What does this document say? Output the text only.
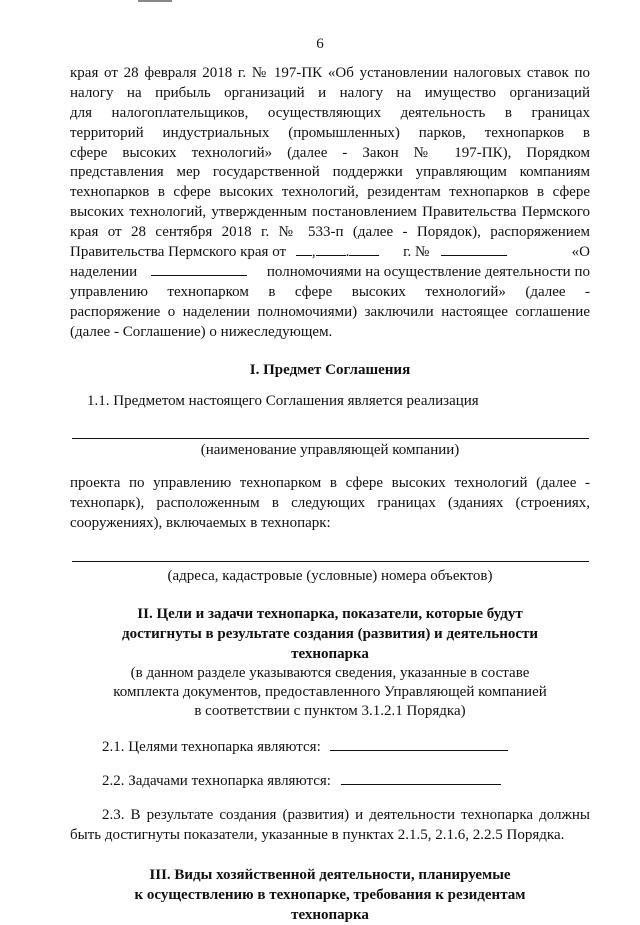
6
края от 28 февраля 2018 г. № 197-ПК «Об установлении налоговых ставок по
налогу на прибыль организаций и налогу на имущество организаций
для налогоплательщиков, осуществляющих деятельность в границах
территорий индустриальных (промышленных) парков, технопарков в
сфере высоких технологий» (далее - Закон № 197-ПК), Порядком
представления мер государственной поддержки управляющим компаниям
технопарков в сфере высоких технологий, резидентам технопарков в сфере
высоких технологий, утвержденным постановлением Правительства Пермского
края от 28 сентября 2018 г. № 533-п (далее - Порядок), распоряжением
Правительства Пермского края от , .	г. №	«О
наделении	полномочиями на осуществление деятельности по
управлению технопарком в сфере высоких технологий» (далее -
распоряжение о наделении полномочиями) заключили настоящее соглашение
(далее - Соглашение) о нижеследующем.
I. Предмет Соглашения
1.1. Предметом настоящего Соглашения является реализация
(наименование управляющей компании)
проекта по управлению технопарком в сфере высоких технологий (далее -
технопарк), расположенным в следующих границах (зданиях (строениях,
сооружениях), включаемых в технопарк:
(адреса, кадастровые (условные) номера объектов)
II. Цели и задачи технопарка, показатели, которые будут
достигнуты в результате создания (развития) и деятельности
технопарка
(в данном разделе указываются сведения, указанные в составе
комплекта документов, предоставленного Управляющей компанией
в соответствии с пунктом 3.1.2.1 Порядка)
2.1. Целями технопарка являются:
2.2. Задачами технопарка являются:
2.3. В результате создания (развития) и деятельности технопарка должны
быть достигнуты показатели, указанные в пунктах 2.1.5, 2.1.6, 2.2.5 Порядка.
III. Виды хозяйственной деятельности, планируемые
к осуществлению в технопарке, требования к резидентам
технопарка
